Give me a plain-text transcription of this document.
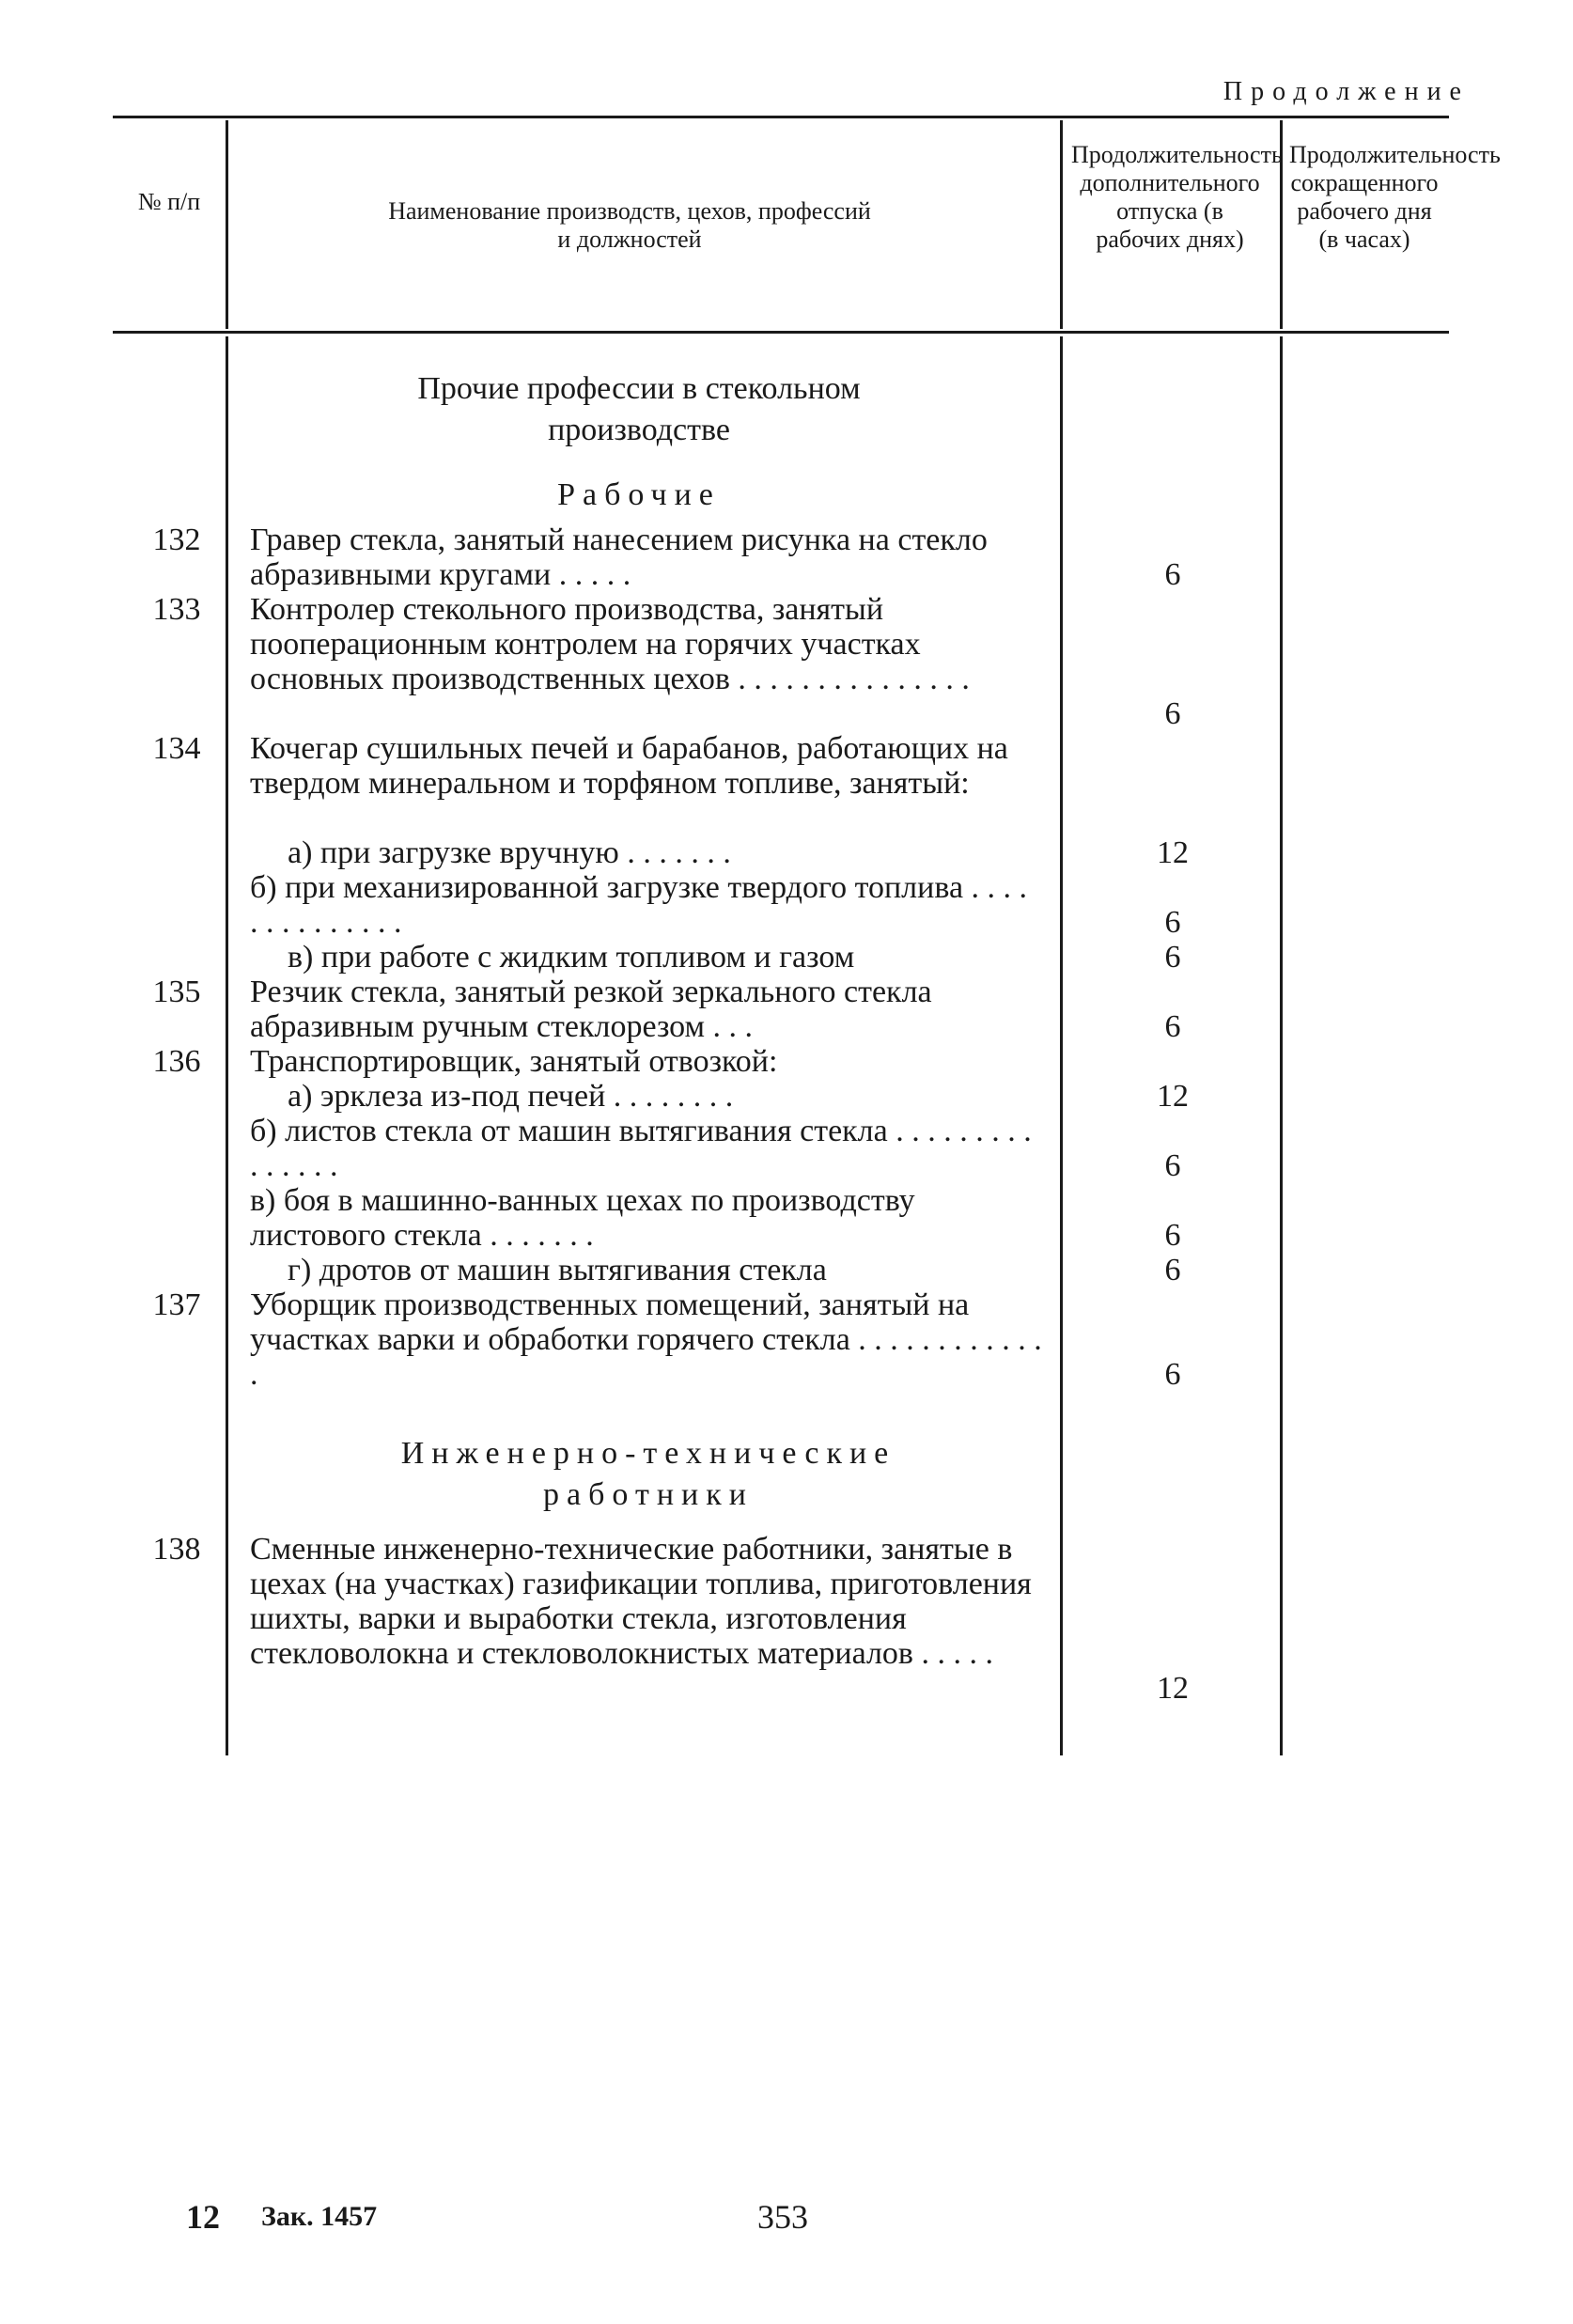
Продолжение
№ п/п	Наименование производств, цехов, профессий и должностей
Продолжительность дополнительного отпуска (в рабочих днях)
Продолжительность сокращенного рабочего дня (в часах)
Прочие профессии в стекольном производстве
Рабочие
Инженерно-технические работники
132
133
134
135
136
137
138
Гравер стекла, занятый нанесением рисунка на стекло абразивными кругами . . . . .
Контролер стекольного производства, занятый пооперационным контролем на горячих участках основных производственных цехов . . . . . . . . . . . . . . .
Кочегар сушильных печей и барабанов, работающих на твердом минеральном и торфяном топливе, занятый:
а) при загрузке вручную . . . . . . .
б) при механизированной загрузке твердого топлива . . . . . . . . . . . . . .
в) при работе с жидким топливом и газом
Резчик стекла, занятый резкой зеркального стекла абразивным ручным стеклорезом . . .
Транспортировщик, занятый отвозкой:
а) эрклеза из-под печей . . . . . . . .
б) листов стекла от машин вытягивания стекла . . . . . . . . . . . . . . .
в) боя в машинно-ванных цехах по производству листового стекла . . . . . . .
г) дротов от машин вытягивания стекла
Уборщик производственных помещений, занятый на участках варки и обработки горячего стекла . . . . . . . . . . . . .
Сменные инженерно-технические работники, занятые в цехах (на участках) газификации топлива, приготовления шихты, варки и выработки стекла, изготовления стекловолокна и стекловолокнистых материалов . . . . .
6
6
12
6
6
6
12
6
6
6
6
12
12 Зак. 1457	353
